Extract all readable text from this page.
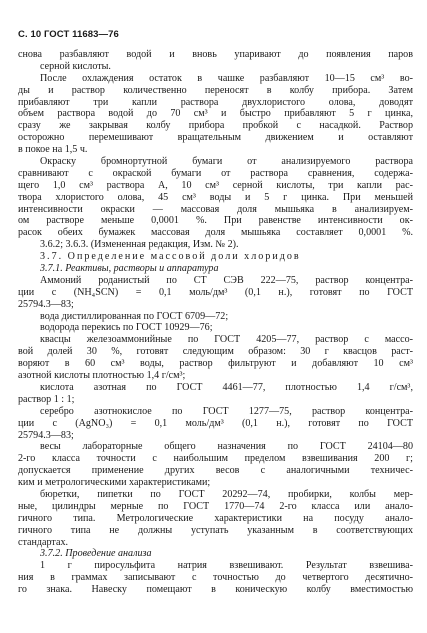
С. 10 ГОСТ 11683—76
снова разбавляют водой и вновь упаривают до появления паров
серной кислоты.
После охлаждения остаток в чашке разбавляют 10—15 см³ во-
ды и раствор количественно переносят в колбу прибора. Затем
прибавляют три капли раствора двухлористого олова, доводят
объем раствора водой до 70 см³ и быстро прибавляют 5 г цинка,
сразу же закрывая колбу прибора пробкой с насадкой. Раствор
осторожно перемешивают вращательным движением и оставляют
в покое на 1,5 ч.
Окраску бромнортутной бумаги от анализируемого раствора
сравнивают с окраской бумаги от раствора сравнения, содержа-
щего 1,0 см³ раствора А, 10 см³ серной кислоты, три капли рас-
твора хлористого олова, 45 см³ воды и 5 г цинка. При меньшей
интенсивности окраски — массовая доля мышьяка в анализируем-
ом растворе меньше 0,0001 %. При равенстве интенсивности ок-
расок обеих бумажек массовая доля мышьяка составляет 0,0001 %.
3.6.2; 3.6.3. (Измененная редакция, Изм. № 2).
3.7. Определение массовой доли хлоридов
3.7.1. Реактивы, растворы и аппаратура
Аммоний роданистый по СТ СЭВ 222—75, раствор концентра-
ции с (NH₄SCN) = 0,1 моль/дм³ (0,1 н.), готовят по ГОСТ
25794.3—83;
вода дистиллированная по ГОСТ 6709—72;
водорода перекись по ГОСТ 10929—76;
квасцы железоаммонийные по ГОСТ 4205—77, раствор с массо-
вой долей 30 %, готовят следующим образом: 30 г квасцов раст-
воряют в 60 см³ воды, раствор фильтруют и добавляют 10 см³
азотной кислоты плотностью 1,4 г/см³;
кислота азотная по ГОСТ 4461—77, плотностью 1,4 г/см³,
раствор 1 : 1;
серебро азотнокислое по ГОСТ 1277—75, раствор концентра-
ции с (AgNO₃) = 0,1 моль/дм³ (0,1 н.), готовят по ГОСТ
25794.3—83;
весы лабораторные общего назначения по ГОСТ 24104—80
2-го класса точности с наибольшим пределом взвешивания 200 г;
допускается применение других весов с аналогичными техничес-
ким и метрологическими характеристиками;
бюретки, пипетки по ГОСТ 20292—74, пробирки, колбы мер-
ные, цилиндры мерные по ГОСТ 1770—74 2-го класса или анало-
гичного типа. Метрологические характеристики на посуду анало-
гичного типа не должны уступать указанным в соответствующих
стандартах.
3.7.2. Проведение анализа
1 г пиросульфита натрия взвешивают. Результат взвешива-
ния в граммах записывают с точностью до четвертого десятично-
го знака. Навеску помещают в коническую колбу вместимостью
